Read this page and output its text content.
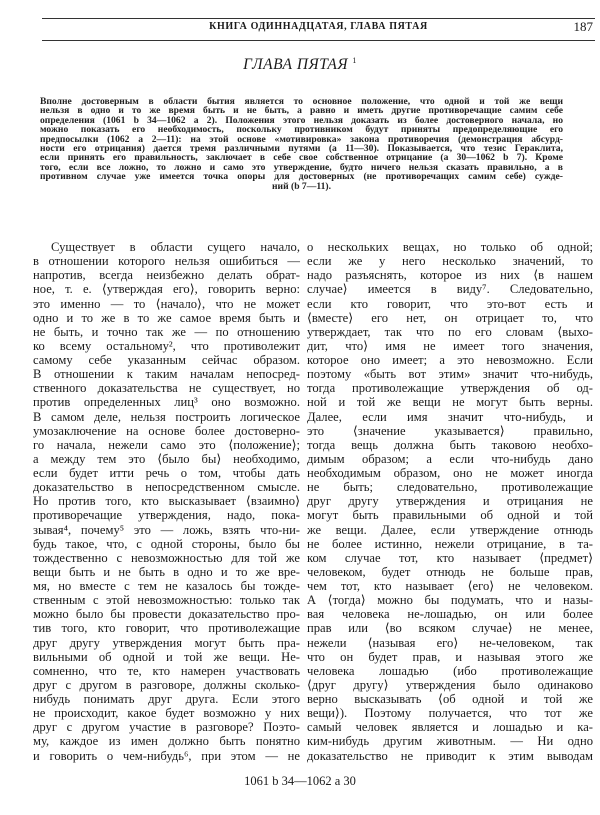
КНИГА ОДИННАДЦАТАЯ, ГЛАВА ПЯТАЯ	187
ГЛАВА ПЯТАЯ $^1$
Вполне достоверным в области бытия является то основное положение, что одной и той же вещи
нельзя в одно и то же время быть и не быть, а равно и иметь другие противоречащие самим себе
определения (1061 b 34—1062 a 2). Положения этого нельзя доказать из более достоверного начала, но
можно показать его необходимость, поскольку противником будут приняты предопределяющие его
предпосылки (1062 a 2—11): на этой основе «мотивировка» закона противоречия (демонстрация абсурд-
ности его отрицания) дается тремя различными путями (a 11—30). Показывается, что тезис Гераклита,
если принять его правильность, заключает в себе свое собственное отрицание (a 30—1062 b 7). Кроме
того, если все ложно, то ложно и само это утверждение, будто ничего нельзя сказать правильно, а в
противном случае уже имеется точка опоры для достоверных (не противоречащих самим себе) сужде-
ний (b 7—11).
Существует в области сущего начало,
в отношении которого нельзя ошибиться —
напротив, всегда неизбежно делать обрат-
ное, т. е. ⟨утверждая его⟩, говорить верно:
это именно — то ⟨начало⟩, что не может
одно и то же в то же самое время быть и
не быть, и точно так же — по отношению
ко всему остальному², что противолежит
самому себе указанным сейчас образом.
В отношении к таким началам непосред-
ственного доказательства не существует, но
против определенных лиц³ оно возможно.
В самом деле, нельзя построить логическое
умозаключение на основе более достоверно-
го начала, нежели само это ⟨положение⟩;
а между тем это ⟨было бы⟩ необходимо,
если будет итти речь о том, чтобы дать
доказательство в непосредственном смысле.
Но против того, кто высказывает ⟨взаимно⟩
противоречащие утверждения, надо, пока-
зывая⁴, почему⁵ это — ложь, взять что-ни-
будь такое, что, с одной стороны, было бы
тождественно с невозможностью для той же
вещи быть и не быть в одно и то же вре-
мя, но вместе с тем не казалось бы тожде-
ственным с этой невозможностью: только так
можно было бы провести доказательство про-
тив того, кто говорит, что противолежащие
друг другу утверждения могут быть пра-
вильными об одной и той же вещи. Не-
сомненно, что те, кто намерен участвовать
друг с другом в разговоре, должны сколько-
нибудь понимать друг друга. Если этого
не происходит, какое будет возможно у них
друг с другом участие в разговоре? Поэто-
му, каждое из имен должно быть понятно
и говорить о чем-нибудь⁶, при этом — не
о нескольких вещах, но только об одной;
если же у него несколько значений, то
надо разъяснять, которое из них ⟨в нашем
случае⟩ имеется в виду⁷. Следовательно,
если кто говорит, что это-вот есть и
⟨вместе⟩ его нет, он отрицает то, что
утверждает, так что по его словам ⟨выхо-
дит, что⟩ имя не имеет того значения,
которое оно имеет; а это невозможно. Если
поэтому «быть вот этим» значит что-нибудь,
тогда противолежащие утверждения об од-
ной и той же вещи не могут быть верны.
Далее, если имя значит что-нибудь, и
это ⟨значение указывается⟩ правильно,
тогда вещь должна быть таковою необхо-
димым образом; а если что-нибудь дано
необходимым образом, оно не может иногда
не быть; следовательно, противолежащие
друг другу утверждения и отрицания не
могут быть правильными об одной и той
же вещи. Далее, если утверждение отнюдь
не более истинно, нежели отрицание, в та-
ком случае тот, кто называет ⟨предмет⟩
человеком, будет отнюдь не больше прав,
чем тот, кто называет ⟨его⟩ не человеком.
А ⟨тогда⟩ можно бы подумать, что и назы-
вая человека не-лошадью, он или более
прав или ⟨во всяком случае⟩ не менее,
нежели ⟨называя его⟩ не-человеком, так
что он будет прав, и называя этого же
человека лошадью (ибо противолежащие
⟨друг другу⟩ утверждения было одинаково
верно высказывать ⟨об одной и той же
вещи⟩). Поэтому получается, что тот же
самый человек является и лошадью и ка-
ким-нибудь другим животным. — Ни одно
доказательство не приводит к этим выводам
1061 b 34—1062 a 30
